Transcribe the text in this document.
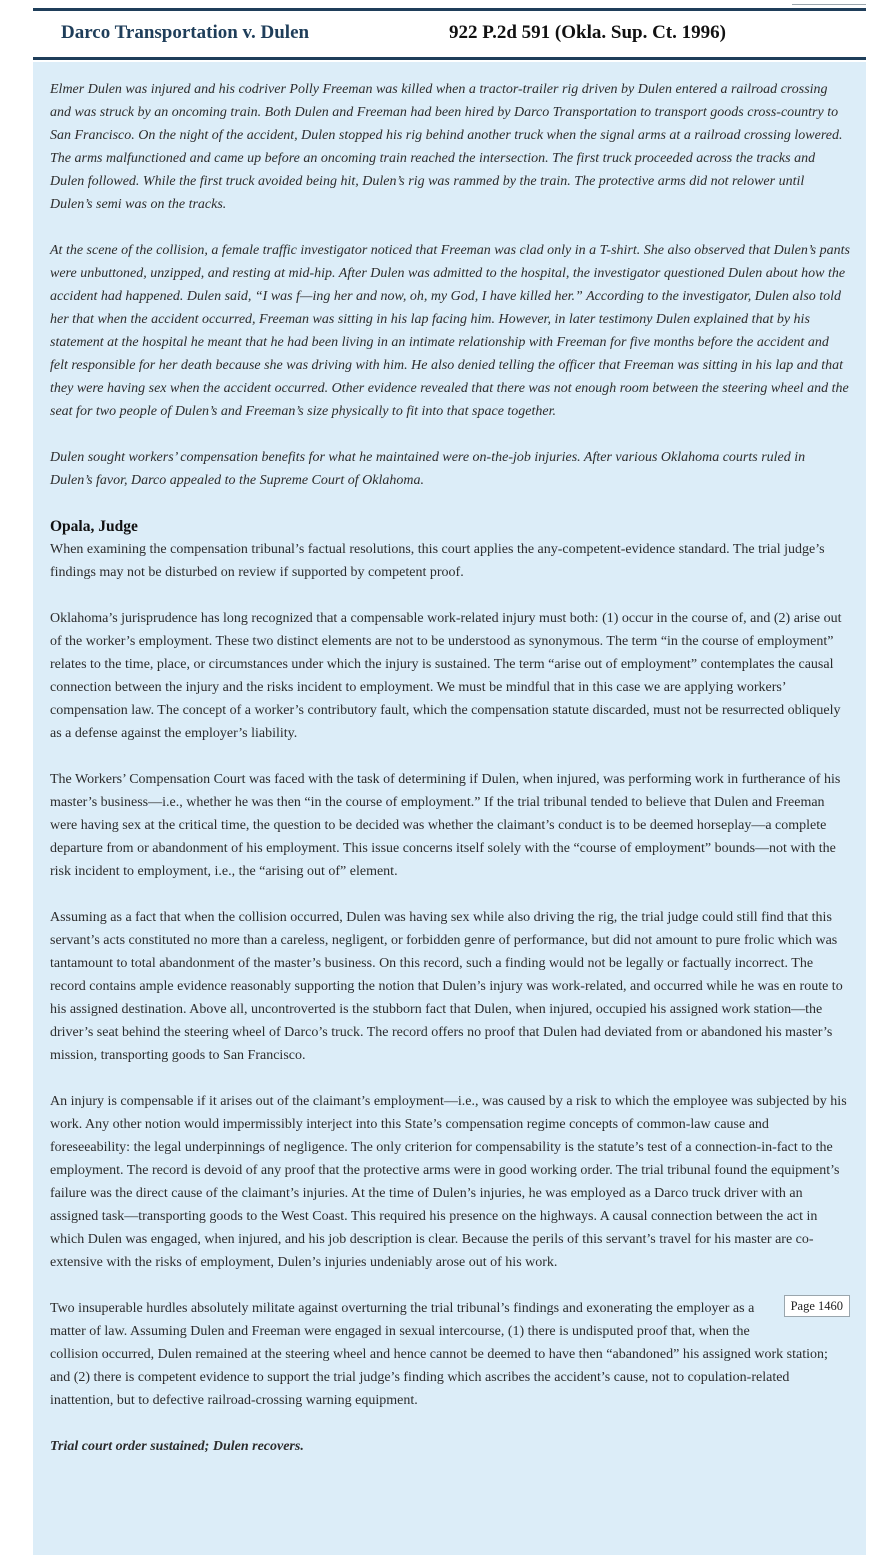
Darco Transportation v. Dulen	922 P.2d 591 (Okla. Sup. Ct. 1996)

Elmer Dulen was injured and his codriver Polly Freeman was killed when a tractor-trailer rig driven by Dulen entered a railroad crossing and was struck by an oncoming train. Both Dulen and Freeman had been hired by Darco Transportation to transport goods cross-country to San Francisco. On the night of the accident, Dulen stopped his rig behind another truck when the signal arms at a railroad crossing lowered. The arms malfunctioned and came up before an oncoming train reached the intersection. The first truck proceeded across the tracks and Dulen followed. While the first truck avoided being hit, Dulen’s rig was rammed by the train. The protective arms did not relower until Dulen’s semi was on the tracks.

At the scene of the collision, a female traffic investigator noticed that Freeman was clad only in a T-shirt. She also observed that Dulen’s pants were unbuttoned, unzipped, and resting at mid-hip. After Dulen was admitted to the hospital, the investigator questioned Dulen about how the accident had happened. Dulen said, “I was f—ing her and now, oh, my God, I have killed her.” According to the investigator, Dulen also told her that when the accident occurred, Freeman was sitting in his lap facing him. However, in later testimony Dulen explained that by his statement at the hospital he meant that he had been living in an intimate relationship with Freeman for five months before the accident and felt responsible for her death because she was driving with him. He also denied telling the officer that Freeman was sitting in his lap and that they were having sex when the accident occurred. Other evidence revealed that there was not enough room between the steering wheel and the seat for two people of Dulen’s and Freeman’s size physically to fit into that space together.

Dulen sought workers’ compensation benefits for what he maintained were on-the-job injuries. After various Oklahoma courts ruled in Dulen’s favor, Darco appealed to the Supreme Court of Oklahoma.

Opala, Judge

When examining the compensation tribunal’s factual resolutions, this court applies the any-competent-evidence standard. The trial judge’s findings may not be disturbed on review if supported by competent proof.

Oklahoma’s jurisprudence has long recognized that a compensable work-related injury must both: (1) occur in the course of, and (2) arise out of the worker’s employment. These two distinct elements are not to be understood as synonymous. The term “in the course of employment” relates to the time, place, or circumstances under which the injury is sustained. The term “arise out of employment” contemplates the causal connection between the injury and the risks incident to employment. We must be mindful that in this case we are applying workers’ compensation law. The concept of a worker’s contributory fault, which the compensation statute discarded, must not be resurrected obliquely as a defense against the employer’s liability.

The Workers’ Compensation Court was faced with the task of determining if Dulen, when injured, was performing work in furtherance of his master’s business—i.e., whether he was then “in the course of employment.” If the trial tribunal tended to believe that Dulen and Freeman were having sex at the critical time, the question to be decided was whether the claimant’s conduct is to be deemed horseplay—a complete departure from or abandonment of his employment. This issue concerns itself solely with the “course of employment” bounds—not with the risk incident to employment, i.e., the “arising out of” element.

Assuming as a fact that when the collision occurred, Dulen was having sex while also driving the rig, the trial judge could still find that this servant’s acts constituted no more than a careless, negligent, or forbidden genre of performance, but did not amount to pure frolic which was tantamount to total abandonment of the master’s business. On this record, such a finding would not be legally or factually incorrect. The record contains ample evidence reasonably supporting the notion that Dulen’s injury was work-related, and occurred while he was en route to his assigned destination. Above all, uncontroverted is the stubborn fact that Dulen, when injured, occupied his assigned work station—the driver’s seat behind the steering wheel of Darco’s truck. The record offers no proof that Dulen had deviated from or abandoned his master’s mission, transporting goods to San Francisco.

An injury is compensable if it arises out of the claimant’s employment—i.e., was caused by a risk to which the employee was subjected by his work. Any other notion would impermissibly interject into this State’s compensation regime concepts of common-law cause and foreseeability: the legal underpinnings of negligence. The only criterion for compensability is the statute’s test of a connection-in-fact to the employment. The record is devoid of any proof that the protective arms were in good working order. The trial tribunal found the equipment’s failure was the direct cause of the claimant’s injuries. At the time of Dulen’s injuries, he was employed as a Darco truck driver with an assigned task—transporting goods to the West Coast. This required his presence on the highways. A causal connection between the act in which Dulen was engaged, when injured, and his job description is clear. Because the perils of this servant’s travel for his master are co-extensive with the risks of employment, Dulen’s injuries undeniably arose out of his work.

Page 1460
Two insuperable hurdles absolutely militate against overturning the trial tribunal’s findings and exonerating the employer as a matter of law. Assuming Dulen and Freeman were engaged in sexual intercourse, (1) there is undisputed proof that, when the collision occurred, Dulen remained at the steering wheel and hence cannot be deemed to have then “abandoned” his assigned work station; and (2) there is competent evidence to support the trial judge’s finding which ascribes the accident’s cause, not to copulation-related inattention, but to defective railroad-crossing warning equipment.

Trial court order sustained; Dulen recovers.
